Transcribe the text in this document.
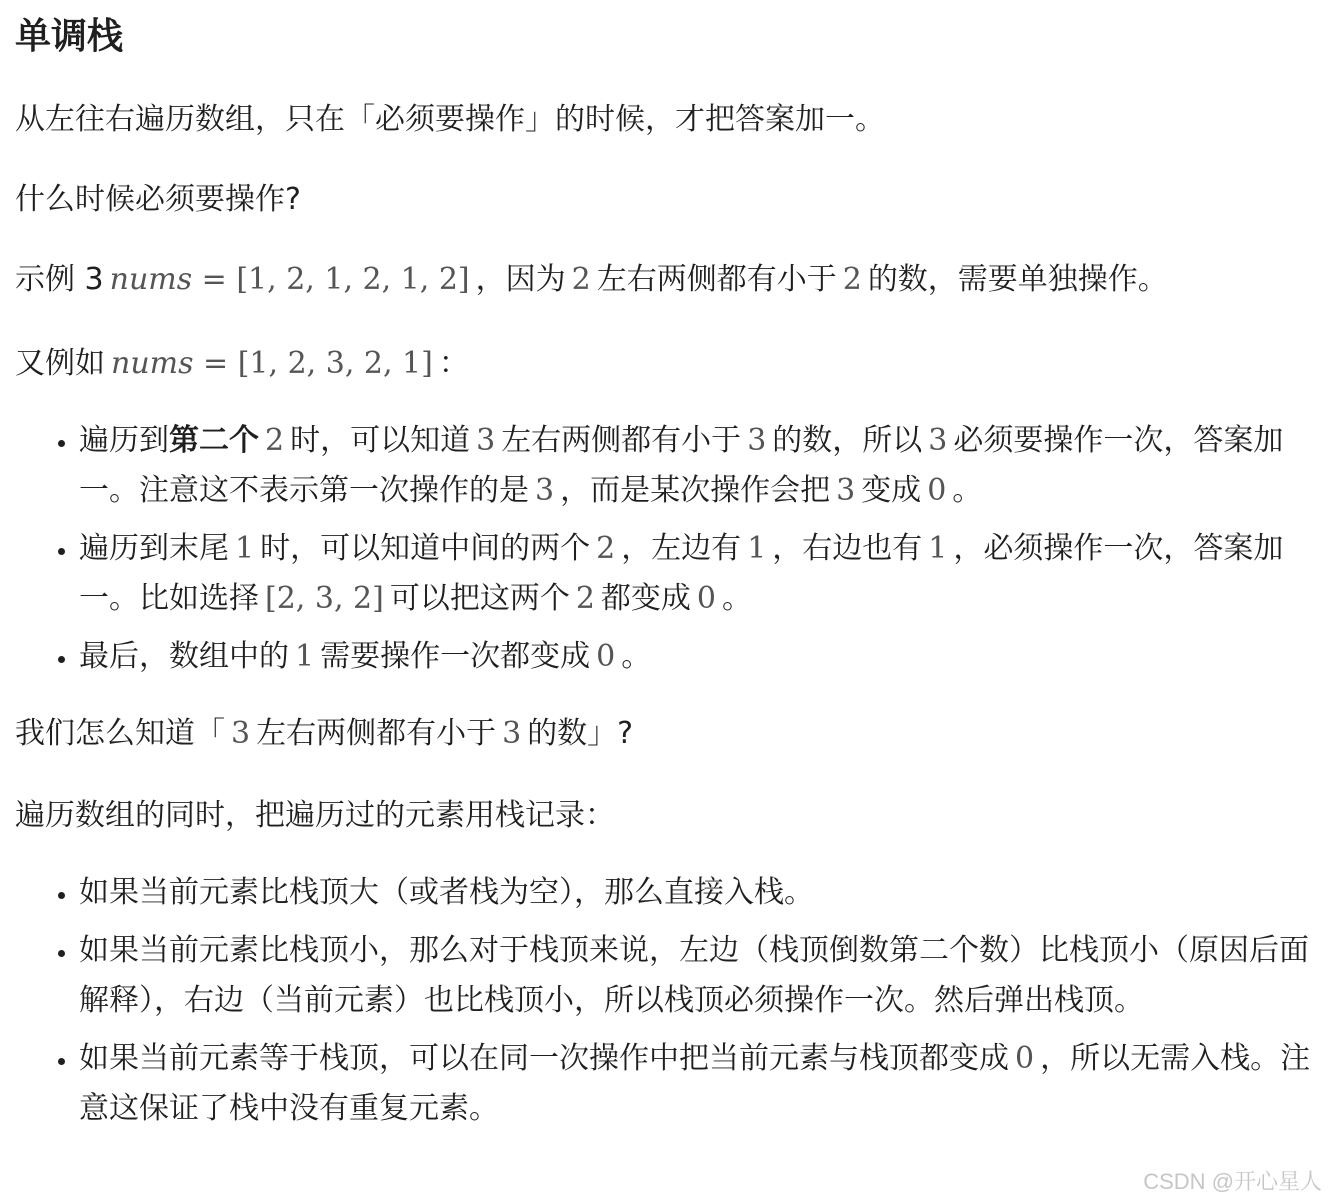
单调栈

从左往右遍历数组，只在「必须要操作」的时候，才把答案加一。

什么时候必须要操作?

示例 3 nums = [1, 2, 1, 2, 1, 2] ，因为 2 左右两侧都有小于 2 的数，需要单独操作。

又例如 nums = [1, 2, 3, 2, 1] ：

• 遍历到第二个 2 时，可以知道 3 左右两侧都有小于 3 的数，所以 3 必须要操作一次，答案加一。注意这不表示第一次操作的是 3 ，而是某次操作会把 3 变成 0 。
• 遍历到末尾 1 时，可以知道中间的两个 2 ，左边有 1 ，右边也有 1 ，必须操作一次，答案加一。比如选择 [2, 3, 2] 可以把这两个 2 都变成 0 。
• 最后，数组中的 1 需要操作一次都变成 0 。

我们怎么知道「 3 左右两侧都有小于 3 的数」?

遍历数组的同时，把遍历过的元素用栈记录：

• 如果当前元素比栈顶大（或者栈为空），那么直接入栈。
• 如果当前元素比栈顶小，那么对于栈顶来说，左边（栈顶倒数第二个数）比栈顶小（原因后面解释），右边（当前元素）也比栈顶小，所以栈顶必须操作一次。然后弹出栈顶。
• 如果当前元素等于栈顶，可以在同一次操作中把当前元素与栈顶都变成 0 ，所以无需入栈。注意这保证了栈中没有重复元素。
CSDN @开心星人
